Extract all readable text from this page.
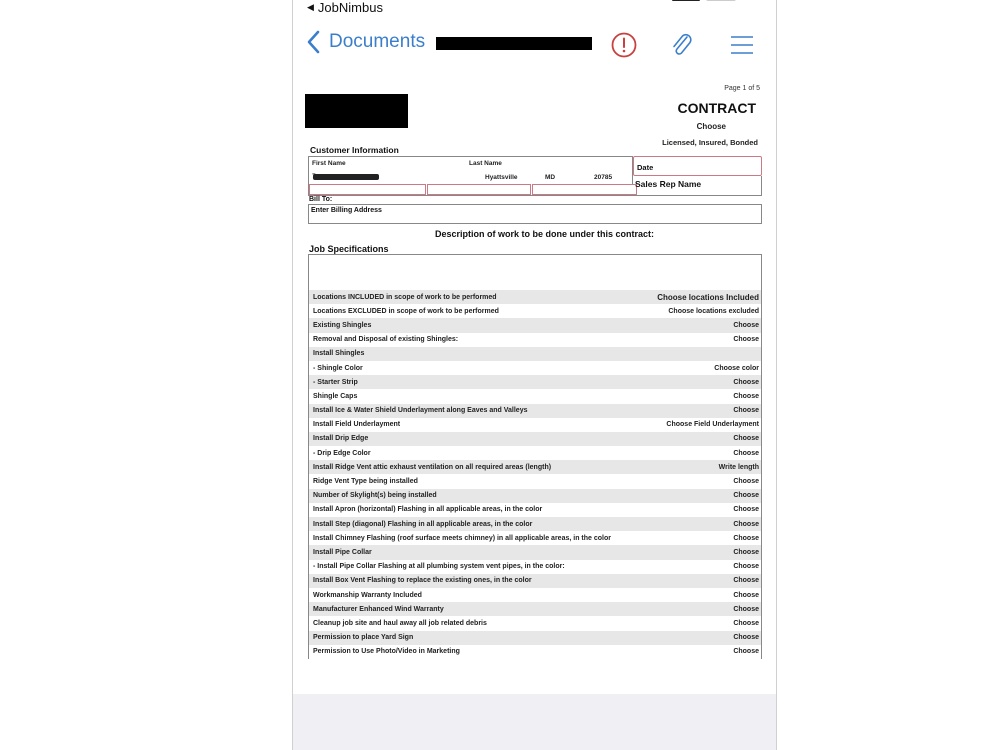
◀ JobNimbus
Documents
Page 1 of 5
CONTRACT
Choose
Licensed, Insured, Bonded
Customer Information
First Name	Last Name
Hyattsville	MD	20785
Date
Sales Rep Name
Bill To:
Enter Billing Address
Description of work to be done under this contract:
Job Specifications
Locations INCLUDED in scope of work to be performed	Choose locations Included
Locations EXCLUDED in scope of work to be performed	Choose locations excluded
Existing Shingles	Choose
Removal and Disposal of existing Shingles:	Choose
Install Shingles
- Shingle Color	Choose color
- Starter Strip	Choose
Shingle Caps	Choose
Install Ice & Water Shield Underlayment along Eaves and Valleys	Choose
Install Field Underlayment	Choose Field Underlayment
Install Drip Edge	Choose
- Drip Edge Color	Choose
Install Ridge Vent attic exhaust ventilation on all required areas (length)	Write length
Ridge Vent Type being installed	Choose
Number of Skylight(s) being installed	Choose
Install Apron (horizontal) Flashing in all applicable areas, in the color	Choose
Install Step (diagonal) Flashing in all applicable areas, in the color	Choose
Install Chimney Flashing (roof surface meets chimney) in all applicable areas, in the color	Choose
Install Pipe Collar	Choose
- Install Pipe Collar Flashing at all plumbing system vent pipes, in the color:	Choose
Install Box Vent Flashing to replace the existing ones, in the color	Choose
Workmanship Warranty Included	Choose
Manufacturer Enhanced Wind Warranty	Choose
Cleanup job site and haul away all job related debris	Choose
Permission to place Yard Sign	Choose
Permission to Use Photo/Video in Marketing	Choose
